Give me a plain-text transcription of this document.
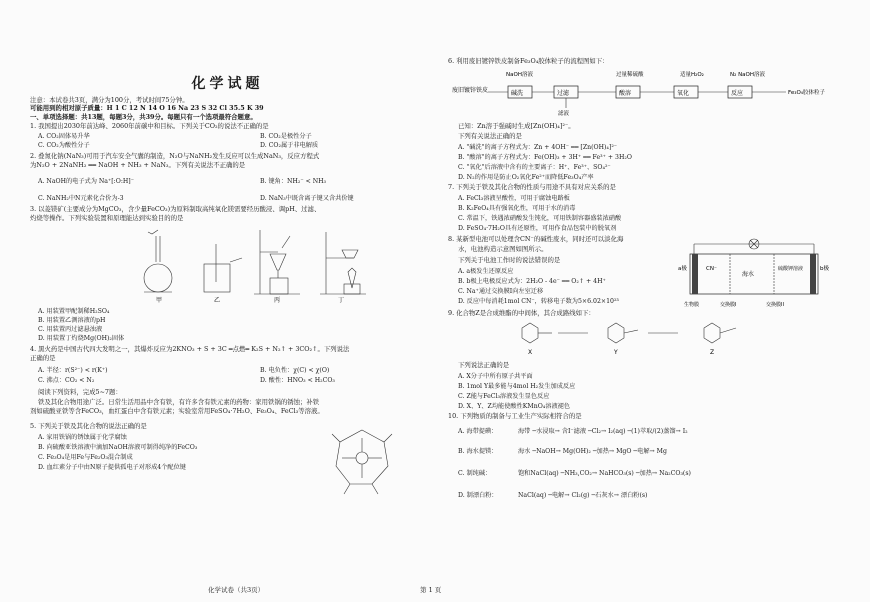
化学试题
注意：本试卷共3页，满分为100分，考试时间75分钟。
可能用到的相对原子质量：H 1 C 12 N 14 O 16 Na 23 S 32 Cl 35.5 K 39
一、单项选择题：共13题，每题3分，共39分。每题只有一个选项最符合题意。
1. 我国提出2030年前达峰、2060年前碳中和目标。下列关于CO₂的说法不正确的是
A. CO₂固体易升华	B. CO₂是极性分子
C. CO₂为酸性分子	D. CO₂属于非电解质
2. 叠氮化钠(NaN₃)可用于汽车安全气囊的制造，N₂O与NaNH₂发生反应可以生成NaN₃，反应方程式
为N₂O + 2NaNH₂ ══ NaOH + NH₃ + NaN₃。下列有关说法不正确的是
A. NaOH的电子式为 Na⁺[:O:H]⁻	B. 键角：NH₂⁻ < NH₃
C. NaNH₂中N元素化合价为-3	D. NaN₃中既含离子键又含共价键
3. 以菱镁矿(主要成分为MgCO₃，含少量FeCO₃)为原料制取高纯氧化镁需要经历酸浸、调pH、过滤、
灼烧等操作。下列实验装置和原理能达到实验目的的是
甲	乙	丙	丁
A. 用装置甲配制稀H₂SO₄
B. 用装置乙测溶液的pH
C. 用装置丙过滤悬浊液
D. 用装置丁灼烧Mg(OH)₂固体
4. 黑火药是中国古代四大发明之一，其爆炸反应为2KNO₃ + S + 3C ═点燃═ K₂S + N₂↑ + 3CO₂↑。下列说法
正确的是
A. 半径：r(S²⁻) < r(K⁺)	B. 电负性：χ(C) < χ(O)
C. 沸点：CO₂ < N₂	D. 酸性：HNO₃ < H₂CO₃
阅读下列资料，完成5~7题：
铁及其化合物用途广泛。日常生活用品中含有铁，有许多含有铁元素的药物：家用铁锅的锈蚀；补铁
剂如硫酸亚铁等含FeCO₃，血红蛋白中含有铁元素；实验室常用FeSO₄·7H₂O、Fe₃O₄、FeCl₃等溶液。
5. 下列关于铁及其化合物的说法正确的是
A. 家用铁锅的锈蚀属于化学腐蚀
B. 向硫酸亚铁溶液中滴加NaOH溶液可制得纯净的FeCO₃
C. Fe₃O₄是用Fe与Fe₂O₃混合制成
D. 血红素分子中由N原子提供孤电子对形成4个配位键
化学试卷（共3页）
6. 利用废旧镀锌铁皮制备Fe₃O₄胶体粒子的流程图如下：
废旧镀锌铁皮
NaOH溶液	过量稀硫酸	适量H₂O₂	N₂ NaOH溶液
碱洗	过滤	酸溶	氧化	反应	Fe₃O₄胶体粒子
滤液
已知：Zn溶于强碱时生成[Zn(OH)₄]²⁻。
下列有关说法正确的是
A. "碱洗"的离子方程式为：Zn + 4OH⁻ ══ [Zn(OH)₄]²⁻
B. "酸溶"的离子方程式为：Fe(OH)₃ + 3H⁺ ══ Fe³⁺ + 3H₂O
C. "氧化"后溶液中含有的主要离子：H⁺、Fe³⁺、SO₄²⁻
D. N₂的作用是防止O₂氧化Fe²⁺而降低Fe₃O₄产率
7. 下列关于铁及其化合物的性质与用途不具有对应关系的是
A. FeCl₃溶液呈酸性，可用于腐蚀电路板
B. K₂FeO₄具有强氧化性，可用于水的消毒
C. 常温下，铁遇浓硝酸发生钝化，可用铁制容器盛装浓硝酸
D. FeSO₄·7H₂O具有还原性，可用作食品包装中的脱氧剂
8. 某新型电池可以处理含CN⁻的碱性废水，同时还可以淡化海
水，电池构造示意图如图所示。
下列关于电池工作时的说法错误的是
A. a极发生还原反应
B. b极上电极反应式为：2H₂O - 4e⁻ ══ O₂↑ + 4H⁺
C. Na⁺通过交换膜I向左室迁移
D. 反应中每消耗1mol CN⁻，转移电子数为5×6.02×10²³
a极	CN⁻
海水
硫酸钾溶液	b极
生物膜	交换膜I	交换膜II
9. 化合物Z是合成维酯的中间体，其合成路线如下：
X	Y	Z
下列说法正确的是
A. X分子中所有原子共平面
B. 1mol Y最多能与4mol H₂发生加成反应
C. Z能与FeCl₃溶液发生显色反应
D. X、Y、Z均能使酸性KMnO₄溶液褪色
10. 下列物质的制备与工业生产实际相符合的是
A. 海带提碘：	海带 ─水浸取→ 含I⁻滤液 ─Cl₂→ I₂(aq) ─(1)萃取/(2)蒸馏→ I₂
B. 海水提镁：	海水 ─NaOH→ Mg(OH)₂ ─加热→ MgO ─电解→ Mg
C. 制纯碱：	饱和NaCl(aq) ─NH₃,CO₂→ NaHCO₃(s) ─加热→ Na₂CO₃(s)
D. 制漂白粉：	NaCl(aq) ─电解→ Cl₂(g) ─石灰水→ 漂白粉(s)
第 1 页
